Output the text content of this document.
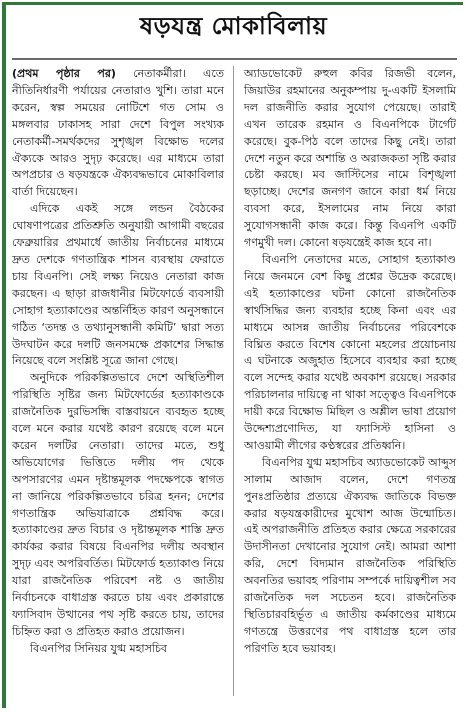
ষড়যন্ত্র মোকাবিলায়

(প্রথম পৃষ্ঠার পর) নেতাকর্মীরা। এতে নীতিনির্ধারণী পর্যায়ের নেতারাও খুশি। তারা মনে করেন, স্বল্প সময়ের নোটিশে গত সোম ও মঙ্গলবার ঢাকাসহ সারা দেশে বিপুল সংখ্যক নেতাকর্মী-সমর্থকদের সুশৃঙ্খল বিক্ষোভ দলের ঐক্যকে আরও সুদৃঢ় করেছে। এর মাধ্যমে তারা অপপ্রচার ও ষড়যন্ত্রকে ঐক্যবদ্ধভাবে মোকাবিলার বার্তা দিয়েছেন।

এদিকে একই সঙ্গে লন্ডন বৈঠকের ঘোষণাপত্রের প্রতিশ্রুতি অনুযায়ী আগামী বছরের ফেব্রুয়ারির প্রথমার্ধে জাতীয় নির্বাচনের মাধ্যমে দ্রুত দেশকে গণতান্ত্রিক শাসন ব্যবস্থায় ফেরাতে চায় বিএনপি। সেই লক্ষ্য নিয়েও নেতারা কাজ করছেন। এ ছাড়া রাজধানীর মিটফোর্ডে ব্যবসায়ী সোহাগ হত্যাকাণ্ডের অন্তর্নিহিত কারণ অনুসন্ধানে গঠিত ‘তদন্ত ও তথ্যানুসন্ধানী কমিটি’ দ্বারা সত্য উদঘাটন করে দলটি জনসমক্ষে প্রকাশের সিদ্ধান্ত নিয়েছে বলে সংশ্লিষ্ট সূত্রে জানা গেছে।

অনুদিকে পরিকল্পিতভাবে দেশে অস্থিতিশীল পরিস্থিতি সৃষ্টির জন্য মিটফোর্ডের হত্যাকাণ্ডকে রাজনৈতিক দুরভিসন্ধি বাস্তবায়নে ব্যবহৃত হচ্ছে বলে মনে করার যথেষ্ট কারণ রয়েছে বলে মনে করেন দলটির নেতারা। তাদের মতে, শুধু অভিযোগের ভিত্তিতে দলীয় পদ থেকে অপসারণের এমন দৃষ্টান্তমূলক পদক্ষেপকে স্বাগত না জানিয়ে পরিকল্পিতভাবে চরিত্র হনন; দেশের গণতান্ত্রিক অভিযাত্রাকে প্রশ্নবিদ্ধ করে। হত্যাকাণ্ডের দ্রুত বিচার ও দৃষ্টান্তমূলক শাস্তি দ্রুত কার্যকর করার বিষয়ে বিএনপির দলীয় অবস্থান সুদৃঢ় এবং অপরিবর্তিত। মিটফোর্ড হত্যাকাণ্ড নিয়ে যারা রাজনৈতিক পরিবেশ নষ্ট ও জাতীয় নির্বাচনকে বাধাগ্রস্ত করতে চায় এবং প্রকারান্তে ফ্যাসিবাদ উত্থানের পথ সৃষ্টি করতে চায়, তাদের চিহ্নিত করা ও প্রতিহত করাও প্রয়োজন।

বিএনপির সিনিয়র যুগ্ম মহাসচিব

অ্যাডভোকেট রুহুল কবির রিজভী বলেন, জিয়াউর রহমানের অনুকম্পায় দু-একটি ইসলামি দল রাজনীতি করার সুযোগ পেয়েছে। তারাই এখন তারেক রহমান ও বিএনপিকে টার্গেট করেছে। বুক-পিঠ বলে তাদের কিছু নেই। তারা দেশে নতুন করে অশান্তি ও অরাজকতা সৃষ্টি করার চেষ্টা করছে। মব জাস্টিসের নামে বিশৃঙ্খলা ছড়াচ্ছে। দেশের জনগণ জানে কারা ধর্ম নিয়ে ব্যবসা করে, ইসলামের নাম নিয়ে কারা সুযোগসন্ধানী কাজ করে। কিন্তু বিএনপি একটি গণমুখী দল। কোনো ষড়যন্ত্রেই কাজ হবে না।

বিএনপি নেতাদের মতে, সোহাগ হত্যাকাণ্ড নিয়ে জনমনে বেশ কিছু প্রশ্নের উদ্রেক করেছে। এই হত্যাকাণ্ডের ঘটনা কোনো রাজনৈতিক স্বার্থসিদ্ধির জন্য ব্যবহার হচ্ছে কিনা এবং এর মাধ্যমে আসন্ন জাতীয় নির্বাচনের পরিবেশকে বিঘ্নিত করতে বিশেষ কোনো মহলের প্রয়োচনায় এ ঘটনাকে অজুহাত হিসেবে ব্যবহার করা হচ্ছে বলে সন্দেহ করার যথেষ্ট অবকাশ রয়েছে। সরকার পরিচালনার দায়িত্বে না থাকা সত্ত্বেও বিএনপিকে দায়ী করে বিক্ষোভ মিছিল ও অশ্লীল ভাষা প্রয়োগ উদ্দেশ্যপ্রণোদিত, যা ফ্যাসিস্ট হাসিনা ও আওয়ামী লীগের কণ্ঠস্বরের প্রতিধ্বনি।

বিএনপির যুগ্ম মহাসচিব অ্যাডভোকেট আব্দুস সালাম আজাদ বলেন, দেশে গণতন্ত্র পুনঃপ্রতিষ্ঠার প্রত্যয়ে ঐক্যবদ্ধ জাতিকে বিভক্ত করার ষড়যন্ত্রকারীদের মুখোশ আজ উন্মোচিত। এই অপরাজনীতি প্রতিহত করার ক্ষেত্রে সরকারের উদাসীনতা দেখানোর সুযোগ নেই। আমরা আশা করি, দেশে বিদ্যমান রাজনৈতিক পরিস্থিতি অবনতির ভয়াবহ পরিণাম সম্পর্কে দায়িত্বশীল সব রাজনৈতিক দল সচেতন হবে। রাজনৈতিক স্থিতিচারবহির্ভূত এ জাতীয় কর্মকাণ্ডের মাধ্যমে গণতন্ত্রে উত্তরণের পথ বাধাগ্রস্ত হলে তার পরিণতি হবে ভয়াবহ।
